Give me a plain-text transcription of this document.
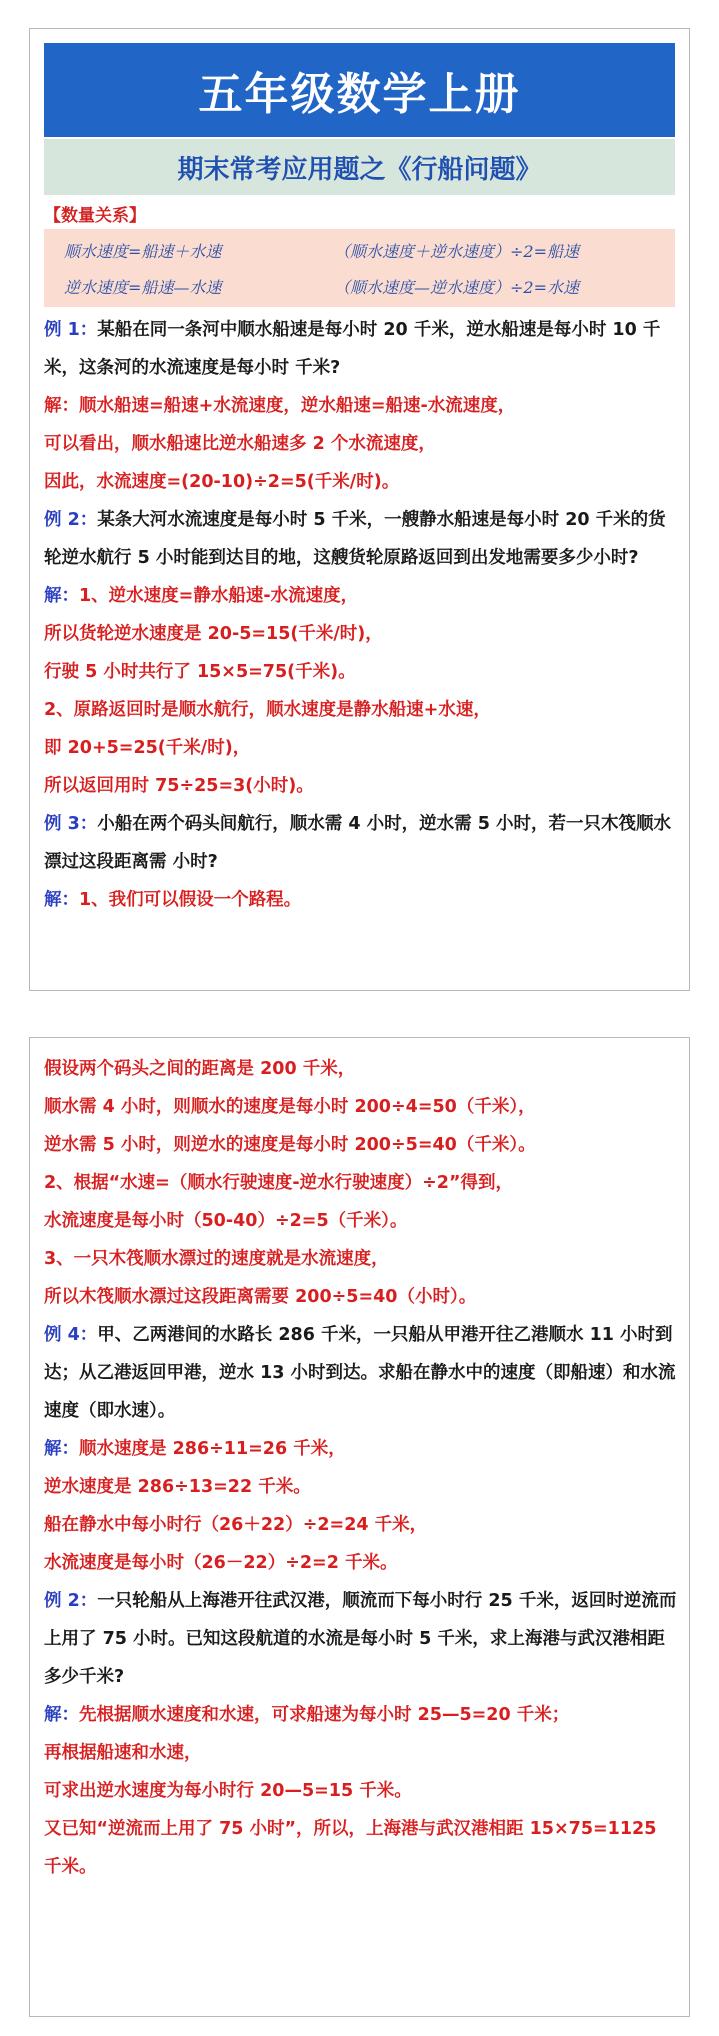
五年级数学上册
期末常考应用题之《行船问题》
【数量关系】
顺水速度=船速＋水速	（顺水速度＋逆水速度）÷2=船速
逆水速度=船速—水速	（顺水速度—逆水速度）÷2=水速

例 1：某船在同一条河中顺水船速是每小时 20 千米，逆水船速是每小时 10 千米，这条河的水流速度是每小时 千米?

解：顺水船速=船速+水流速度，逆水船速=船速-水流速度，

可以看出，顺水船速比逆水船速多 2 个水流速度，

因此，水流速度=(20-10)÷2=5(千米/时)。

例 2：某条大河水流速度是每小时 5 千米，一艘静水船速是每小时 20 千米的货轮逆水航行 5 小时能到达目的地，这艘货轮原路返回到出发地需要多少小时?

解：1、逆水速度=静水船速-水流速度，

所以货轮逆水速度是 20-5=15(千米/时)，

行驶 5 小时共行了 15×5=75(千米)。

2、原路返回时是顺水航行，顺水速度是静水船速+水速，

即 20+5=25(千米/时)，

所以返回用时 75÷25=3(小时)。

例 3：小船在两个码头间航行，顺水需 4 小时，逆水需 5 小时，若一只木筏顺水漂过这段距离需 小时?

解：1、我们可以假设一个路程。

假设两个码头之间的距离是 200 千米，

顺水需 4 小时，则顺水的速度是每小时 200÷4=50（千米），

逆水需 5 小时，则逆水的速度是每小时 200÷5=40（千米）。

2、根据“水速=（顺水行驶速度-逆水行驶速度）÷2”得到，

水流速度是每小时（50-40）÷2=5（千米）。

3、一只木筏顺水漂过的速度就是水流速度，

所以木筏顺水漂过这段距离需要 200÷5=40（小时）。

例 4：甲、乙两港间的水路长 286 千米，一只船从甲港开往乙港顺水 11 小时到达；从乙港返回甲港，逆水 13 小时到达。求船在静水中的速度（即船速）和水流速度（即水速）。

解：顺水速度是 286÷11=26 千米，

逆水速度是 286÷13=22 千米。

船在静水中每小时行（26＋22）÷2=24 千米，

水流速度是每小时（26－22）÷2=2 千米。

例 2：一只轮船从上海港开往武汉港，顺流而下每小时行 25 千米，返回时逆流而上用了 75 小时。已知这段航道的水流是每小时 5 千米，求上海港与武汉港相距多少千米?

解：先根据顺水速度和水速，可求船速为每小时 25—5=20 千米；

再根据船速和水速，

可求出逆水速度为每小时行 20—5=15 千米。

又已知“逆流而上用了 75 小时”，所以，上海港与武汉港相距 15×75=1125 千米。
